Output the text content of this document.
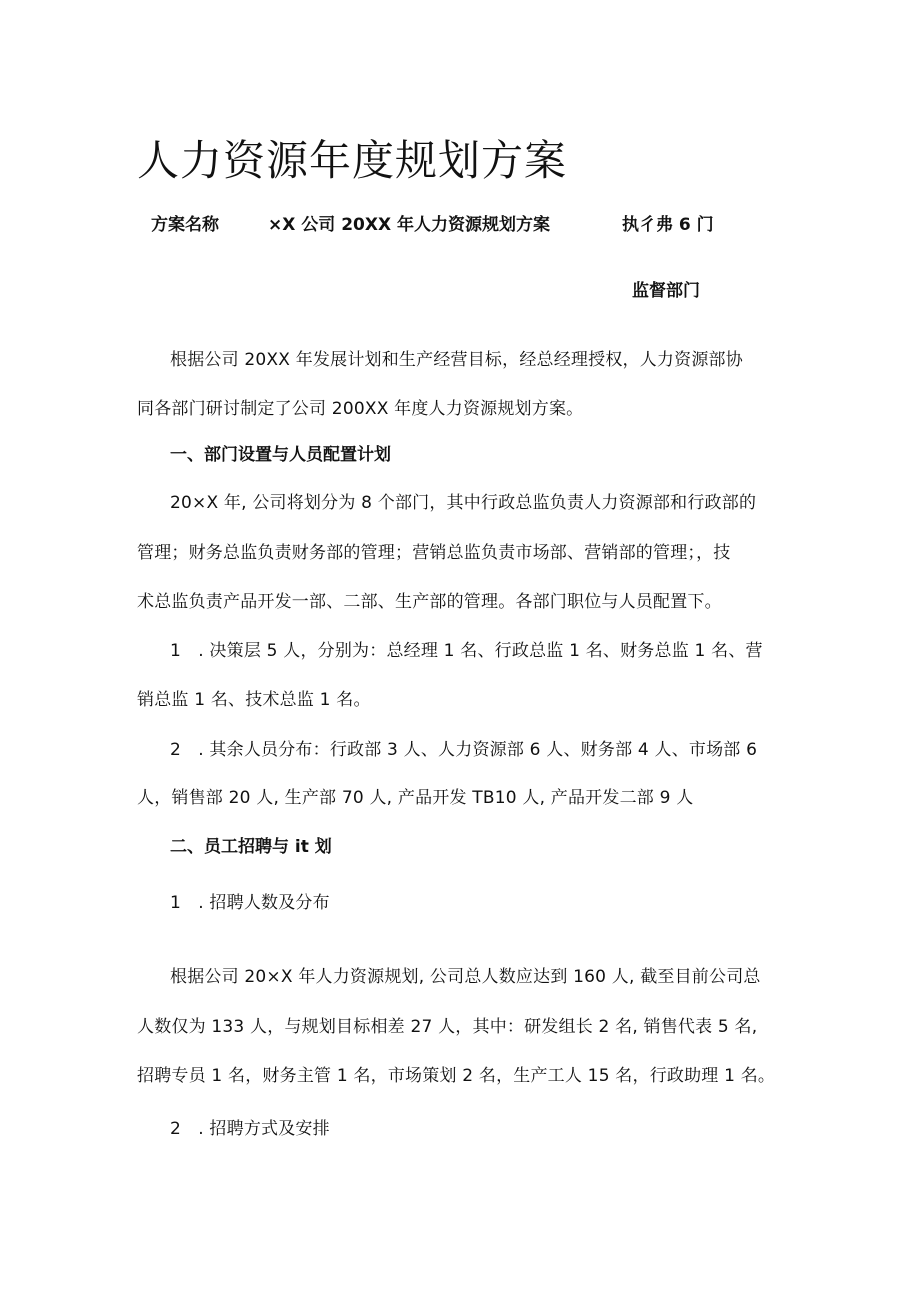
人力资源年度规划方案
方案名称	×X 公司 20XX 年人力资源规划方案	执彳弗 6 门
监督部门
根据公司 20XX 年发展计划和生产经营目标，经总经理授权，人力资源部协
同各部门研讨制定了公司 200XX 年度人力资源规划方案。
一、部门设置与人员配置计划
20×X 年, 公司将划分为 8 个部门，其中行政总监负责人力资源部和行政部的
管理；财务总监负责财务部的管理；营销总监负责市场部、营销部的管理；，技
术总监负责产品开发一部、二部、生产部的管理。各部门职位与人员配置下。
1　. 决策层 5 人，分别为：总经理 1 名、行政总监 1 名、财务总监 1 名、营
销总监 1 名、技术总监 1 名。
2　. 其余人员分布：行政部 3 人、人力资源部 6 人、财务部 4 人、市场部 6
人，销售部 20 人, 生产部 70 人, 产品开发 TB10 人, 产品开发二部 9 人
二、员工招聘与 it 划
1　. 招聘人数及分布
根据公司 20×X 年人力资源规划, 公司总人数应达到 160 人, 截至目前公司总
人数仅为 133 人，与规划目标相差 27 人，其中：研发组长 2 名, 销售代表 5 名,
招聘专员 1 名，财务主管 1 名，市场策划 2 名，生产工人 15 名，行政助理 1 名。
2　. 招聘方式及安排
